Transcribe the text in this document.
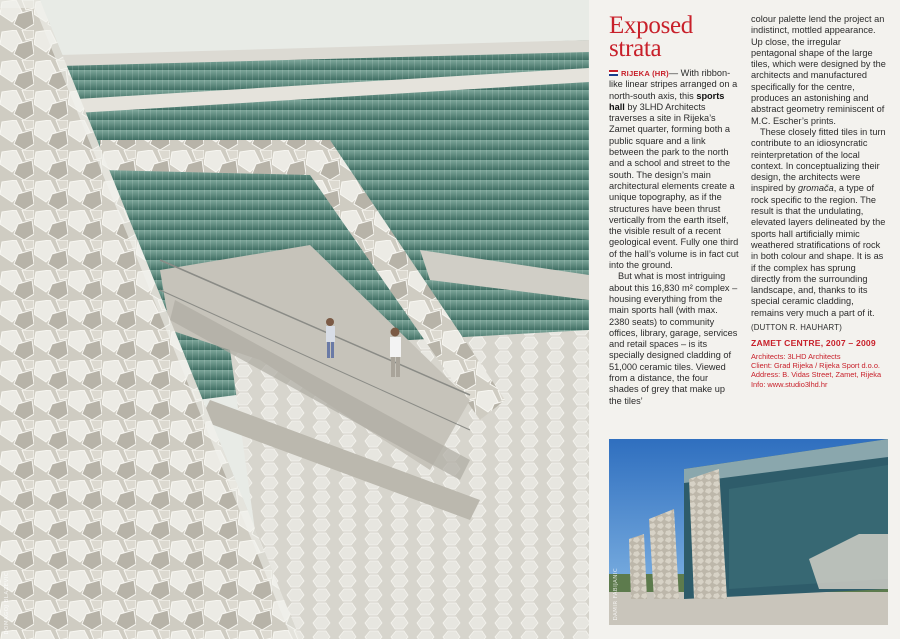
DOMAGOJ BLAZEVIC
Exposed
strata

RIJEKA (HR)— With ribbon-like linear stripes arranged on a north-south axis, this sports hall by 3LHD Architects traverses a site in Rijeka’s Zamet quarter, forming both a public square and a link between the park to the north and a school and street to the south. The design’s main architectural elements create a unique topography, as if the structures have been thrust vertically from the earth itself, the visible result of a recent geological event. Fully one third of the hall’s volume is in fact cut into the ground.

But what is most intriguing about this 16,830 m² complex – housing everything from the main sports hall (with max. 2380 seats) to community offices, library, garage, services and retail spaces – is its specially designed cladding of 51,000 ceramic tiles. Viewed from a distance, the four shades of grey that make up the tiles’

colour palette lend the project an indistinct, mottled appearance. Up close, the irregular pentagonal shape of the large tiles, which were designed by the architects and manufactured specifically for the centre, produces an astonishing and abstract geometry reminiscent of M.C. Escher’s prints.

These closely fitted tiles in turn contribute to an idiosyncratic reinterpretation of the local context. In conceptualizing their design, the architects were inspired by gromača, a type of rock specific to the region. The result is that the undulating, elevated layers delineated by the sports hall artificially mimic weathered stratifications of rock in both colour and shape. It is as if the complex has sprung directly from the surrounding landscape, and, thanks to its special ceramic cladding, remains very much a part of it.

(DUTTON R. HAUHART)
ZAMET CENTRE, 2007 – 2009
Architects: 3LHD Architects
Client: Grad Rijeka / Rijeka Sport d.o.o.
Address: B. Vidas Street, Zamet, Rijeka
Info: www.studio3lhd.hr
DAMIR FABIJANIC
